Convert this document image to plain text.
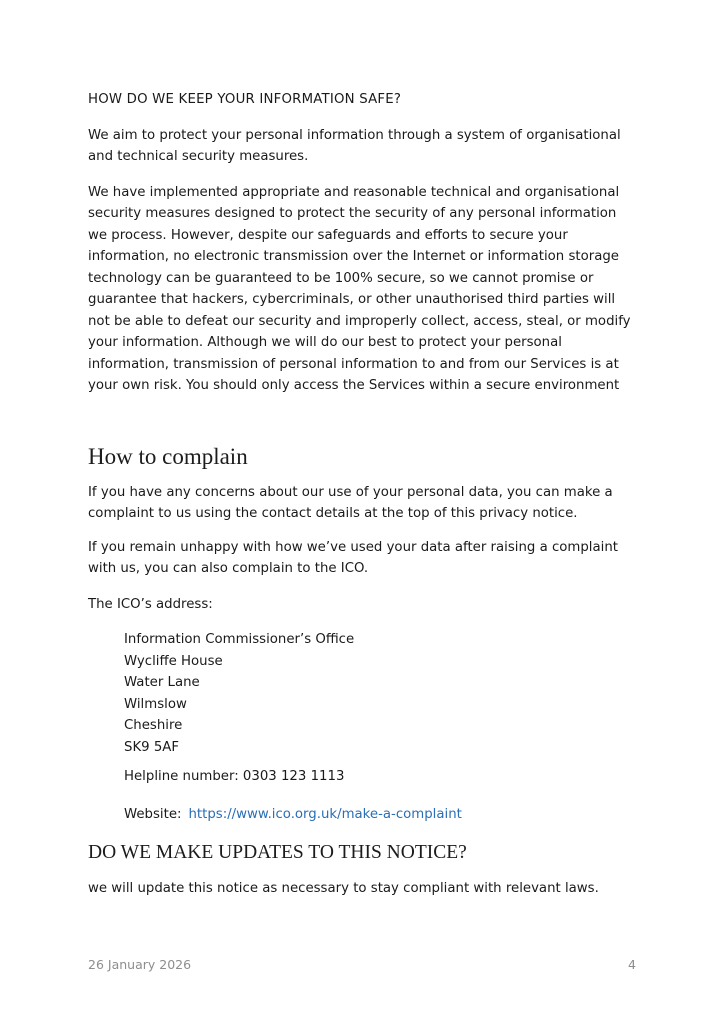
HOW DO WE KEEP YOUR INFORMATION SAFE?

We aim to protect your personal information through a system of organisational and technical security measures.

We have implemented appropriate and reasonable technical and organisational security measures designed to protect the security of any personal information we process. However, despite our safeguards and efforts to secure your information, no electronic transmission over the Internet or information storage technology can be guaranteed to be 100% secure, so we cannot promise or guarantee that hackers, cybercriminals, or other unauthorised third parties will not be able to defeat our security and improperly collect, access, steal, or modify your information. Although we will do our best to protect your personal information, transmission of personal information to and from our Services is at your own risk. You should only access the Services within a secure environment

How to complain

If you have any concerns about our use of your personal data, you can make a complaint to us using the contact details at the top of this privacy notice.

If you remain unhappy with how we’ve used your data after raising a complaint with us, you can also complain to the ICO.

The ICO’s address:

Information Commissioner’s Office
Wycliffe House
Water Lane
Wilmslow
Cheshire
SK9 5AF

Helpline number: 0303 123 1113

Website: https://www.ico.org.uk/make-a-complaint

DO WE MAKE UPDATES TO THIS NOTICE?

we will update this notice as necessary to stay compliant with relevant laws.

26 January 2026	4
